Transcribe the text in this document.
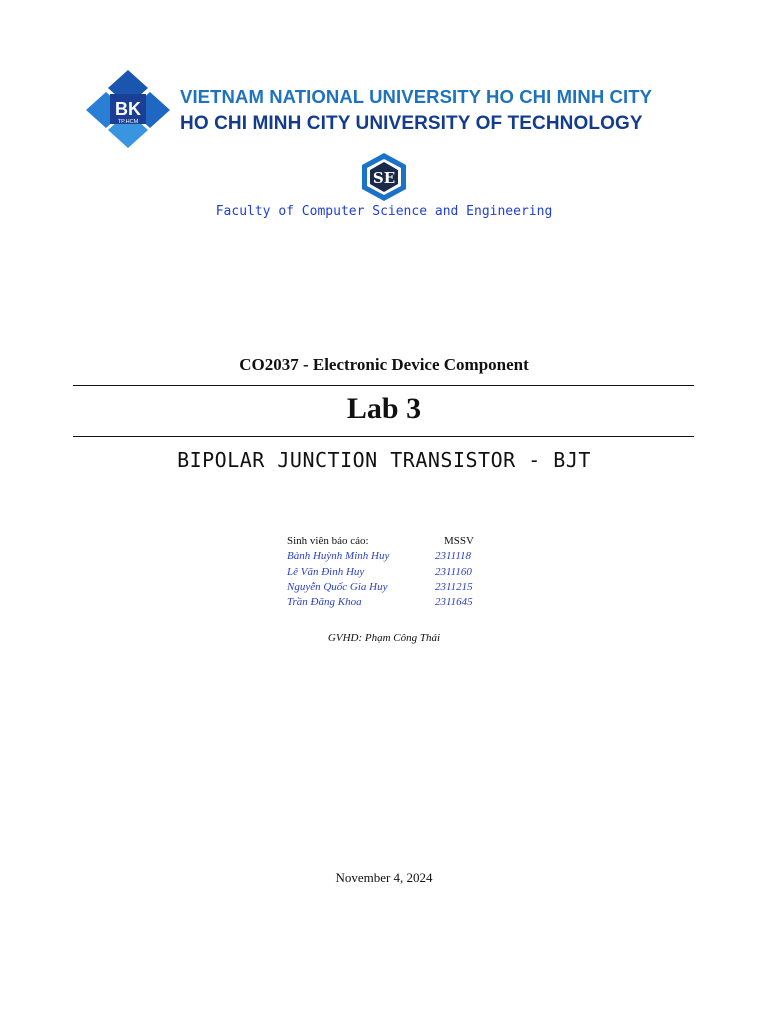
BK
TP.HCM
VIETNAM NATIONAL UNIVERSITY HO CHI MINH CITY
HO CHI MINH CITY UNIVERSITY OF TECHNOLOGY
SE
Faculty of Computer Science and Engineering
CO2037 - Electronic Device Component
Lab 3
BIPOLAR JUNCTION TRANSISTOR - BJT
Sinh viên báo cáo:	MSSV
Bành Huỳnh Minh Huy	2311118
Lê Văn Đình Huy	2311160
Nguyễn Quốc Gia Huy	2311215
Trần Đăng Khoa	2311645
GVHD: Phạm Công Thái
November 4, 2024
